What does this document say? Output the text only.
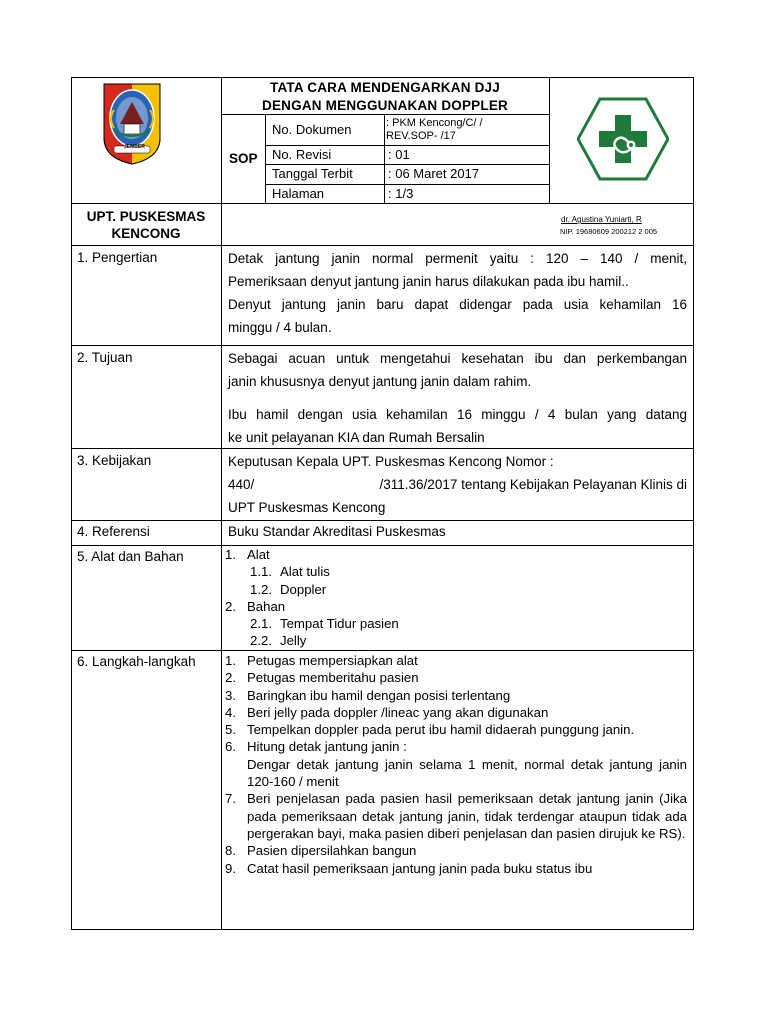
JEMBER
TATA CARA MENDENGARKAN DJJ
DENGAN MENGGUNAKAN DOPPLER
SOP
No. Dokumen	: PKM Kencong/C/ /
REV.SOP- /17
No. Revisi	: 01
Tanggal Terbit	: 06 Maret 2017
Halaman	: 1/3
UPT. PUSKESMAS
KENCONG
dr. Agustina Yuniarti, R
NIP. 19680609 200212 2 005
1. Pengertian	Detak jantung janin normal permenit yaitu : 120 – 140 / menit,
Pemeriksaan denyut jantung janin harus dilakukan pada ibu hamil..
Denyut jantung janin baru dapat didengar pada usia kehamilan 16
minggu / 4 bulan.
2. Tujuan	Sebagai acuan untuk mengetahui kesehatan ibu dan perkembangan
janin khususnya denyut jantung janin dalam rahim.
Ibu hamil dengan usia kehamilan 16 minggu / 4 bulan yang datang
ke unit pelayanan KIA dan Rumah Bersalin
3. Kebijakan	Keputusan Kepala UPT. Puskesmas Kencong Nomor :
440/	/311.36/2017 tentang Kebijakan Pelayanan Klinis di
UPT Puskesmas Kencong
4. Referensi	Buku Standar Akreditasi Puskesmas
5. Alat dan Bahan	1. Alat
1.1. Alat tulis
1.2. Doppler
2. Bahan
2.1. Tempat Tidur pasien
2.2. Jelly
6. Langkah-langkah 1. Petugas mempersiapkan alat
2. Petugas memberitahu pasien
3. Baringkan ibu hamil dengan posisi terlentang
4. Beri jelly pada doppler /lineac yang akan digunakan
5. Tempelkan doppler pada perut ibu hamil didaerah punggung janin.
6. Hitung detak jantung janin :
Dengar detak jantung janin selama 1 menit, normal detak jantung janin 120-160 / menit
7. Beri penjelasan pada pasien hasil pemeriksaan detak jantung janin (Jika pada pemeriksaan detak jantung janin, tidak terdengar ataupun tidak ada pergerakan bayi, maka pasien diberi penjelasan dan pasien dirujuk ke RS).
8. Pasien dipersilahkan bangun
9. Catat hasil pemeriksaan jantung janin pada buku status ibu
